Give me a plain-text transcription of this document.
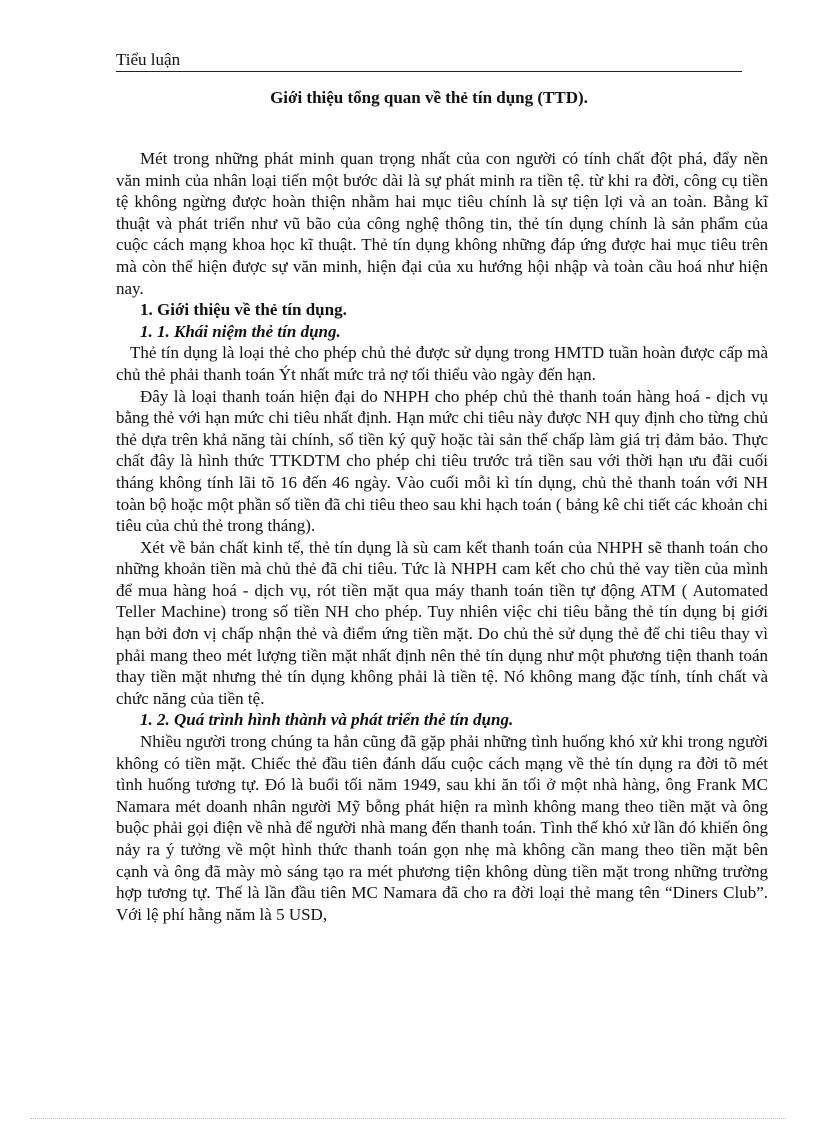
Tiểu luận
Giới thiệu tổng quan về thẻ tín dụng (TTD).

Mét trong những phát minh quan trọng nhất của con người có tính chất đột phá, đẩy nền văn minh của nhân loại tiến một bước dài là sự phát minh ra tiền tệ. từ khi ra đời, công cụ tiền tệ không ngừng được hoàn thiện nhằm hai mục tiêu chính là sự tiện lợi và an toàn. Bằng kĩ thuật và phát triển như vũ bão của công nghệ thông tin, thẻ tín dụng chính là sản phẩm của cuộc cách mạng khoa học kĩ thuật. Thẻ tín dụng không những đáp ứng được hai mục tiêu trên mà còn thể hiện được sự văn minh, hiện đại của xu hướng hội nhập và toàn cầu hoá như hiện nay.

1. Giới thiệu về thẻ tín dụng.
1. 1. Khái niệm thẻ tín dụng.

Thẻ tín dụng là loại thẻ cho phép chủ thẻ được sử dụng trong HMTD tuần hoàn được cấp mà chủ thẻ phải thanh toán Ýt nhất mức trả nợ tối thiểu vào ngày đến hạn.

Đây là loại thanh toán hiện đại do NHPH cho phép chủ thẻ thanh toán hàng hoá - dịch vụ bằng thẻ với hạn mức chi tiêu nhất định. Hạn mức chi tiêu này được NH quy định cho từng chủ thẻ dựa trên khả năng tài chính, số tiền ký quỹ hoặc tài sản thế chấp làm giá trị đảm bảo. Thực chất đây là hình thức TTKDTM cho phép chi tiêu trước trả tiền sau với thời hạn ưu đãi cuối tháng không tính lãi tõ 16 đến 46 ngày. Vào cuối mỗi kì tín dụng, chủ thẻ thanh toán với NH toàn bộ hoặc một phần số tiền đã chi tiêu theo sau khi hạch toán ( bảng kê chi tiết các khoản chi tiêu của chủ thẻ trong tháng).

Xét về bản chất kinh tế, thẻ tín dụng là sù cam kết thanh toán của NHPH sẽ thanh toán cho những khoản tiền mà chủ thẻ đã chi tiêu. Tức là NHPH cam kết cho chủ thẻ vay tiền của mình để mua hàng hoá - dịch vụ, rót tiền mặt qua máy thanh toán tiền tự động ATM ( Automated Teller Machine) trong số tiền NH cho phép. Tuy nhiên việc chi tiêu bằng thẻ tín dụng bị giới hạn bởi đơn vị chấp nhận thẻ và điểm ứng tiền mặt. Do chủ thẻ sử dụng thẻ để chi tiêu thay vì phải mang theo mét lượng tiền mặt nhất định nên thẻ tín dụng như một phương tiện thanh toán thay tiền mặt nhưng thẻ tín dụng không phải là tiền tệ. Nó không mang đặc tính, tính chất và chức năng của tiền tệ.

1. 2. Quá trình hình thành và phát triển thẻ tín dụng.

Nhiều người trong chúng ta hẳn cũng đã gặp phải những tình huống khó xử khi trong người không có tiền mặt. Chiếc thẻ đầu tiên đánh dấu cuộc cách mạng về thẻ tín dụng ra đời tõ mét tình huống tương tự. Đó là buổi tối năm 1949, sau khi ăn tối ở một nhà hàng, ông Frank MC Namara mét doanh nhân người Mỹ bỗng phát hiện ra mình không mang theo tiền mặt và ông buộc phải gọi điện về nhà để người nhà mang đến thanh toán. Tình thế khó xử lần đó khiến ông nảy ra ý tưởng về một hình thức thanh toán gọn nhẹ mà không cần mang theo tiền mặt bên cạnh và ông đã mày mò sáng tạo ra mét phương tiện không dùng tiền mặt trong những trường hợp tương tự. Thế là lần đầu tiên MC Namara đã cho ra đời loại thẻ mang tên “Diners Club”. Với lệ phí hằng năm là 5 USD,
